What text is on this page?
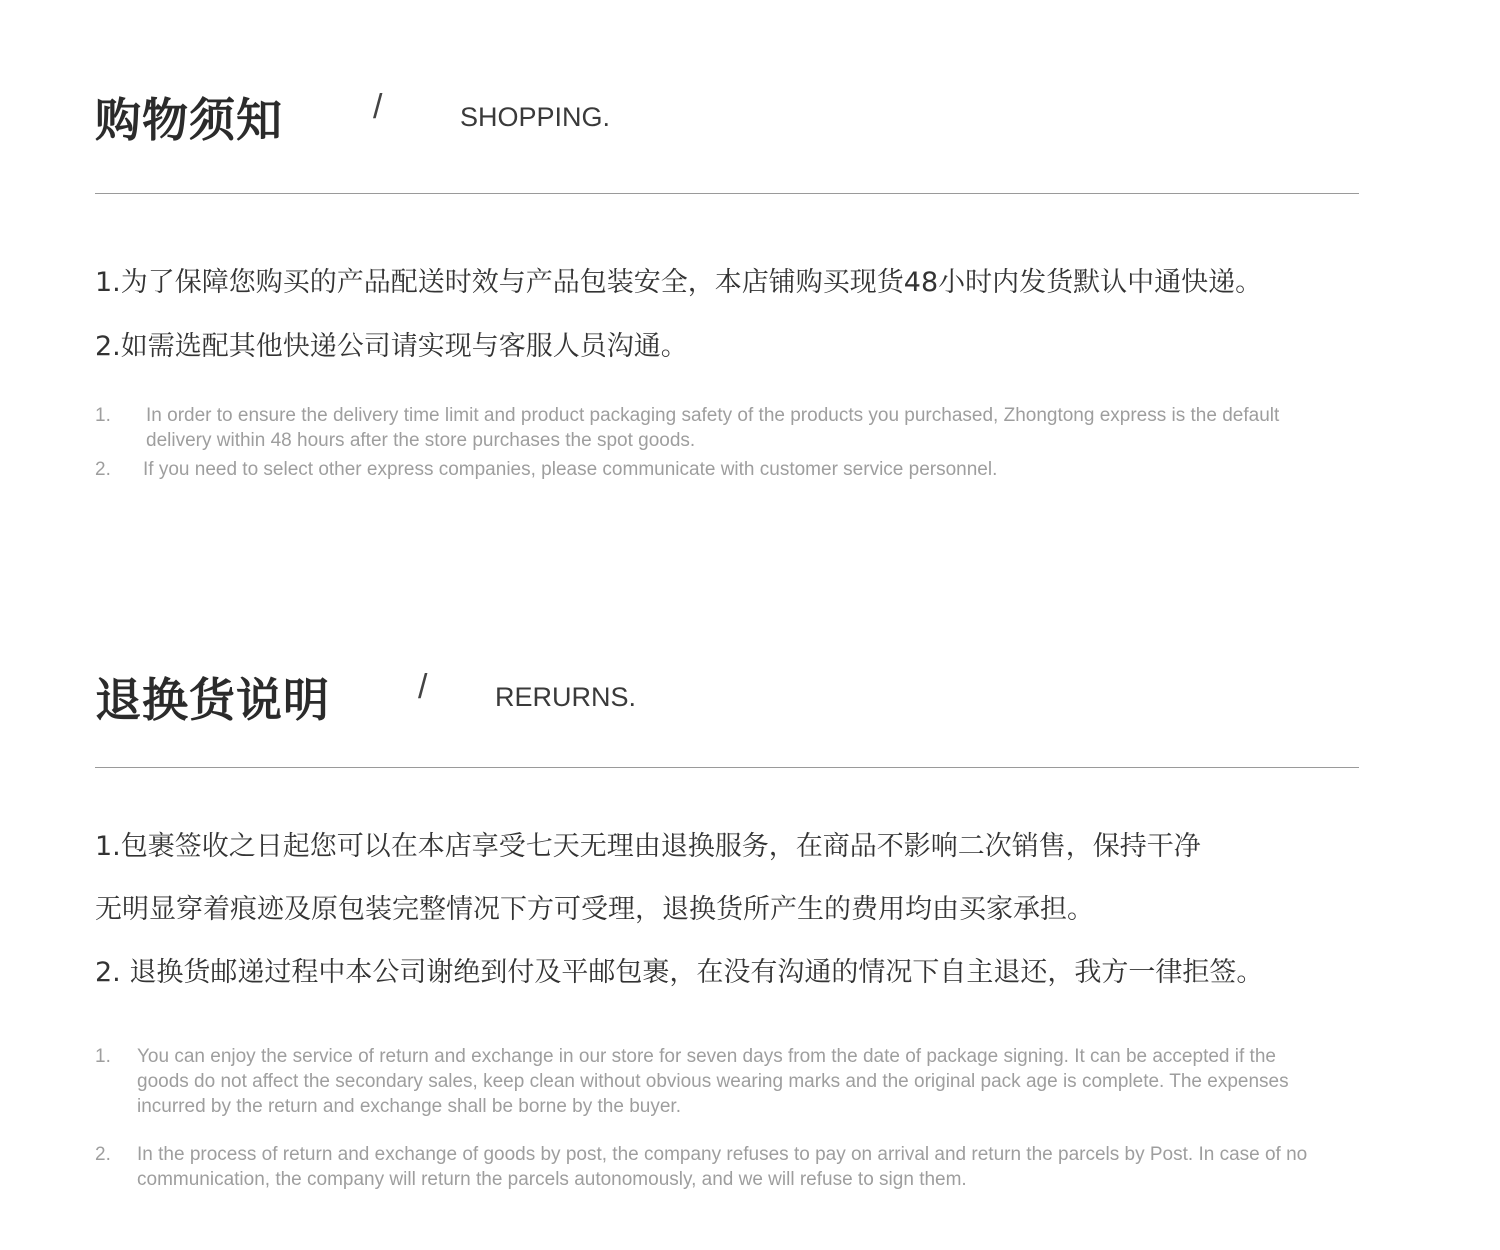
购物须知	/	SHOPPING.
1.为了保障您购买的产品配送时效与产品包装安全，本店铺购买现货48小时内发货默认中通快递。
2.如需选配其他快递公司请实现与客服人员沟通。
1.	In order to ensure the delivery time limit and product packaging safety of the products you purchased, Zhongtong express is the default delivery within 48 hours after the store purchases the spot goods.
2.	If you need to select other express companies, please communicate with customer service personnel.
退换货说明	/	RERURNS.
1.包裹签收之日起您可以在本店享受七天无理由退换服务，在商品不影响二次销售，保持干净
无明显穿着痕迹及原包装完整情况下方可受理，退换货所产生的费用均由买家承担。
2. 退换货邮递过程中本公司谢绝到付及平邮包裹，在没有沟通的情况下自主退还，我方一律拒签。
1.	You can enjoy the service of return and exchange in our store for seven days from the date of package signing. It can be accepted if the goods do not affect the secondary sales, keep clean without obvious wearing marks and the original pack age is complete. The expenses incurred by the return and exchange shall be borne by the buyer.
2.	In the process of return and exchange of goods by post, the company refuses to pay on arrival and return the parcels by Post. In case of no communication, the company will return the parcels autonomously, and we will refuse to sign them.
